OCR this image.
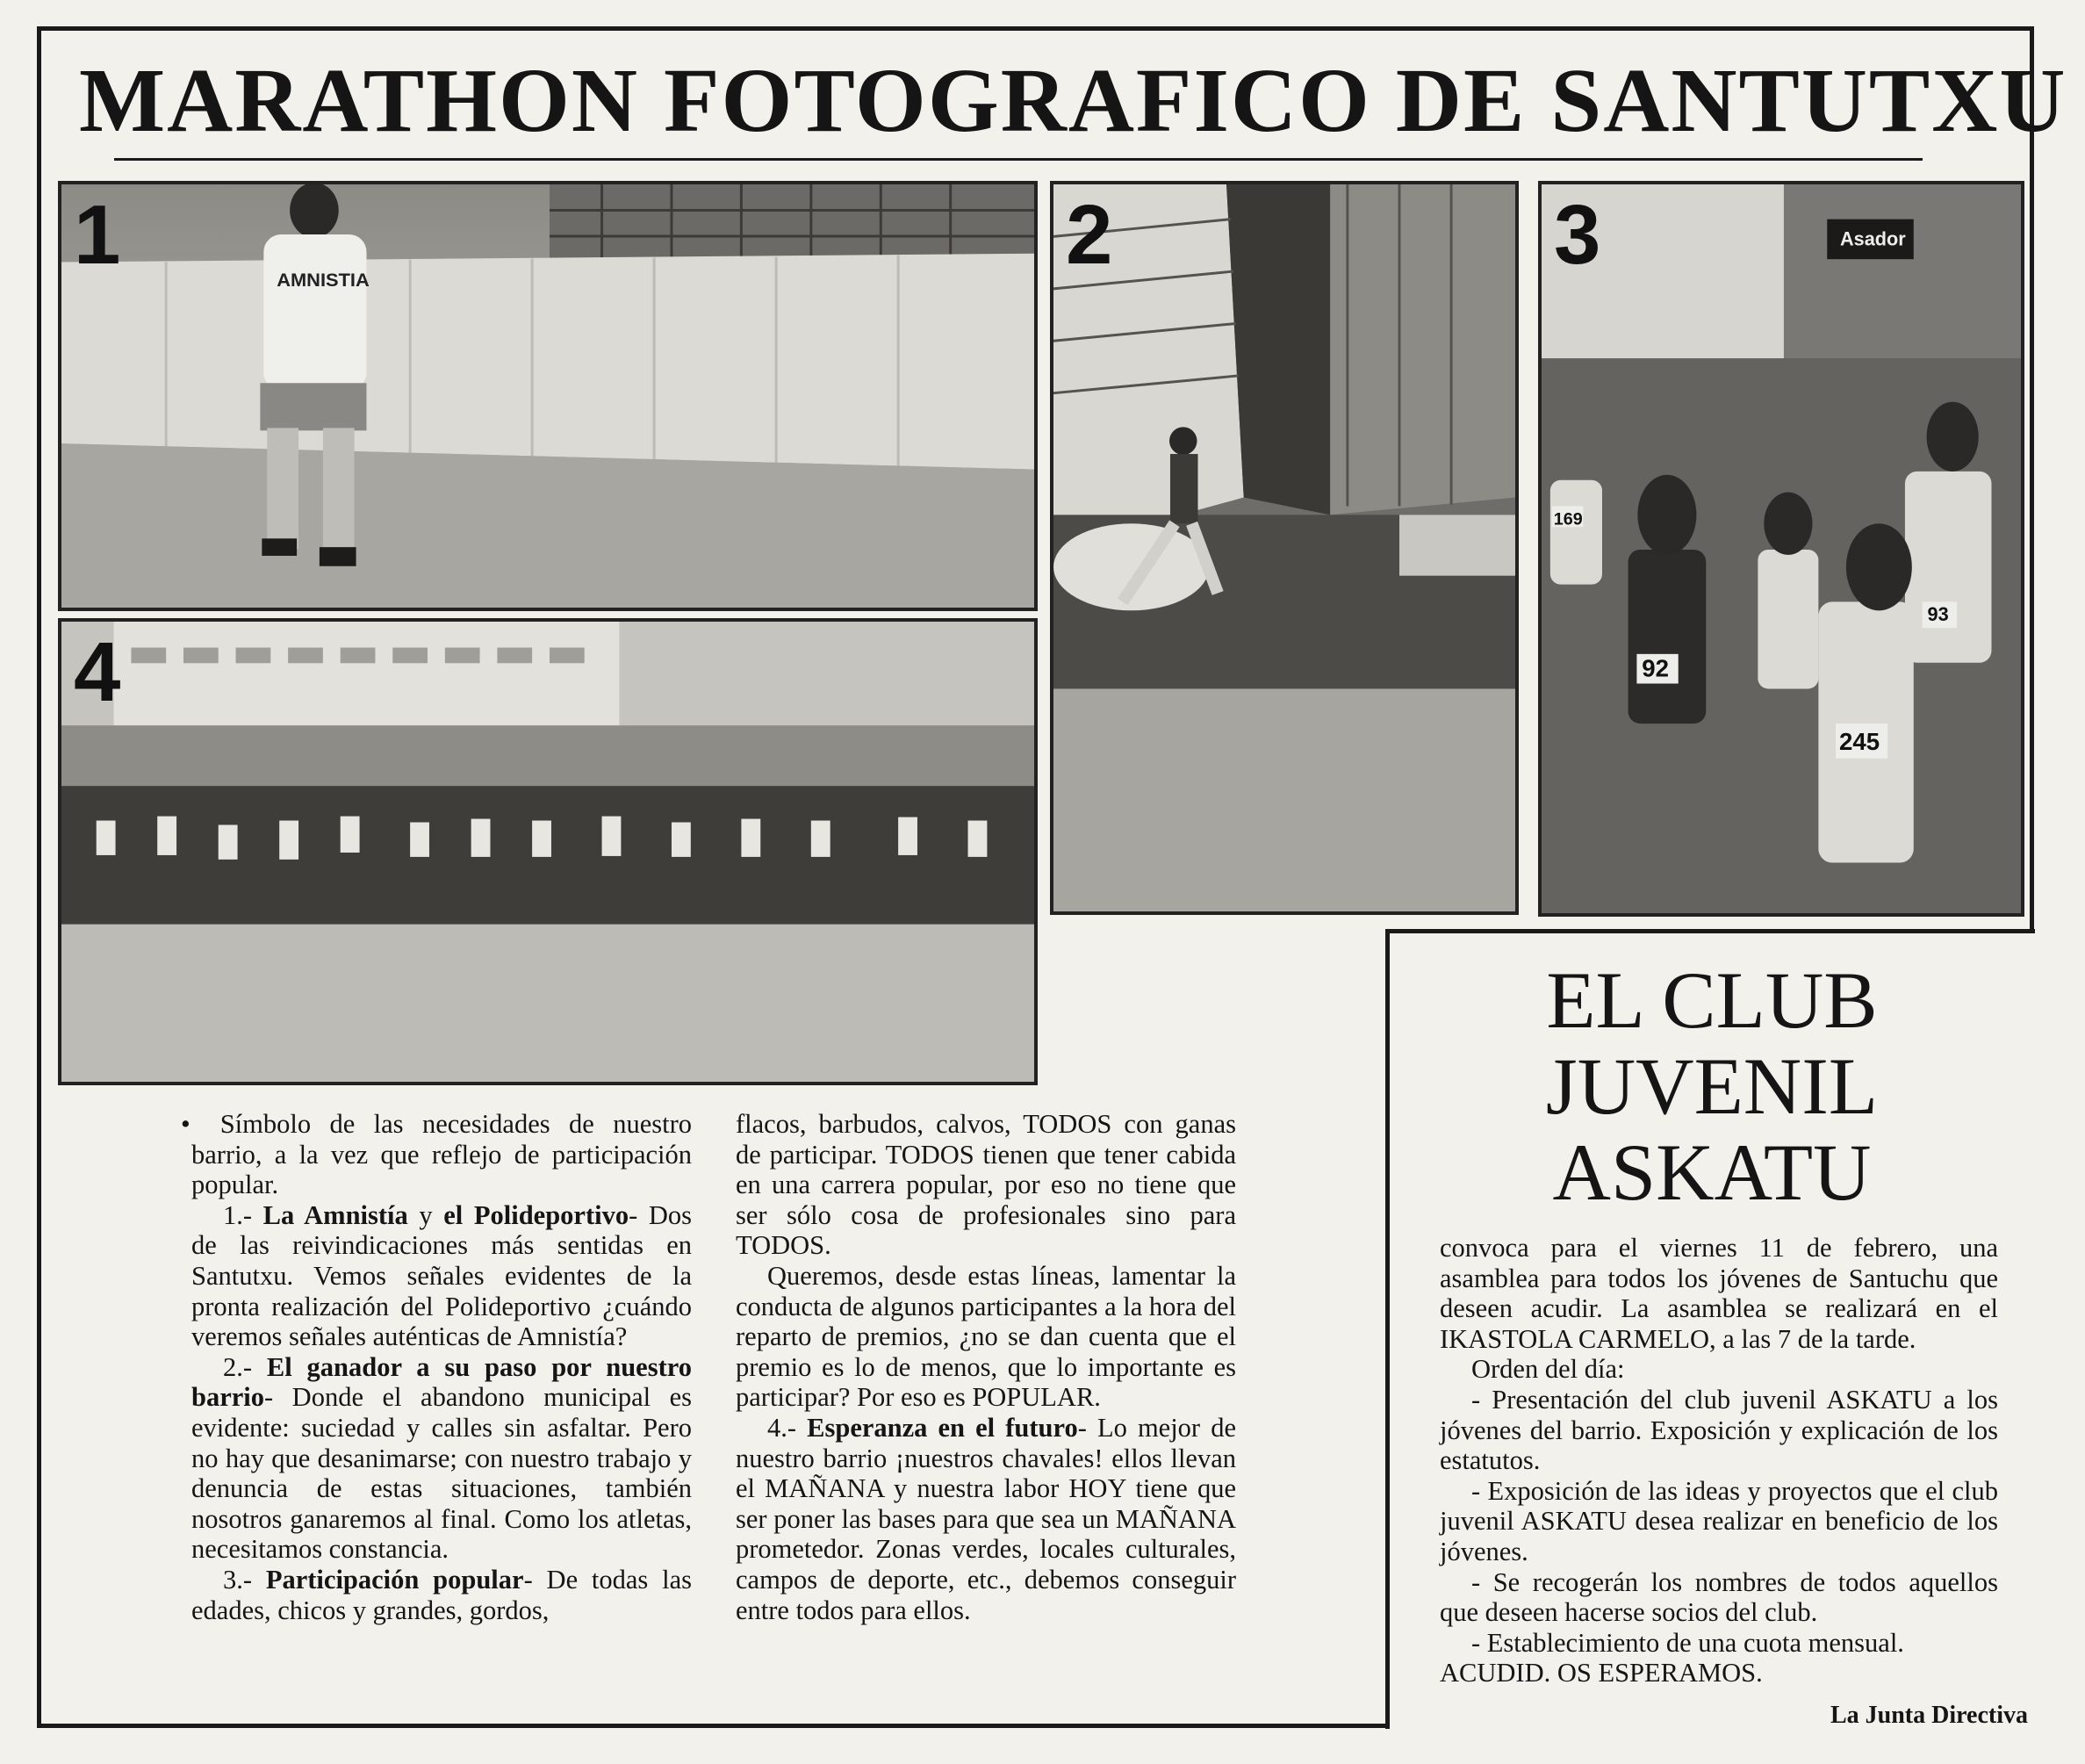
MARATHON FOTOGRAFICO DE SANTUTXU
AMNISTIA
1
4
2	Asador
169
92
245
93
3

• Símbolo de las necesidades de nuestro barrio, a la vez que reflejo de participación popular.

1.- La Amnistía y el Polideportivo- Dos de las reivindicaciones más sentidas en Santutxu. Vemos señales evidentes de la pronta realización del Polideportivo ¿cuándo veremos señales auténticas de Amnistía?

2.- El ganador a su paso por nuestro barrio- Donde el abandono municipal es evidente: suciedad y calles sin asfaltar. Pero no hay que desanimarse; con nuestro trabajo y denuncia de estas situaciones, también nosotros ganaremos al final. Como los atletas, necesitamos constancia.

3.- Participación popular- De todas las edades, chicos y grandes, gordos,

flacos, barbudos, calvos, TODOS con ganas de participar. TODOS tienen que tener cabida en una carrera popular, por eso no tiene que ser sólo cosa de profesionales sino para TODOS.

Queremos, desde estas líneas, lamentar la conducta de algunos participantes a la hora del reparto de premios, ¿no se dan cuenta que el premio es lo de menos, que lo importante es participar? Por eso es POPULAR.

4.- Esperanza en el futuro- Lo mejor de nuestro barrio ¡nuestros chavales! ellos llevan el MAÑANA y nuestra labor HOY tiene que ser poner las bases para que sea un MAÑANA prometedor. Zonas verdes, locales culturales, campos de deporte, etc., debemos conseguir entre todos para ellos.

EL CLUB
JUVENIL
ASKATU

convoca para el viernes 11 de febrero, una asamblea para todos los jóvenes de Santuchu que deseen acudir. La asamblea se realizará en el IKASTOLA CARMELO, a las 7 de la tarde.

Orden del día:

- Presentación del club juvenil ASKATU a los jóvenes del barrio. Exposición y explicación de los estatutos.

- Exposición de las ideas y proyectos que el club juvenil ASKATU desea realizar en beneficio de los jóvenes.

- Se recogerán los nombres de todos aquellos que deseen hacerse socios del club.

- Establecimiento de una cuota mensual.

ACUDID. OS ESPERAMOS.

La Junta Directiva
